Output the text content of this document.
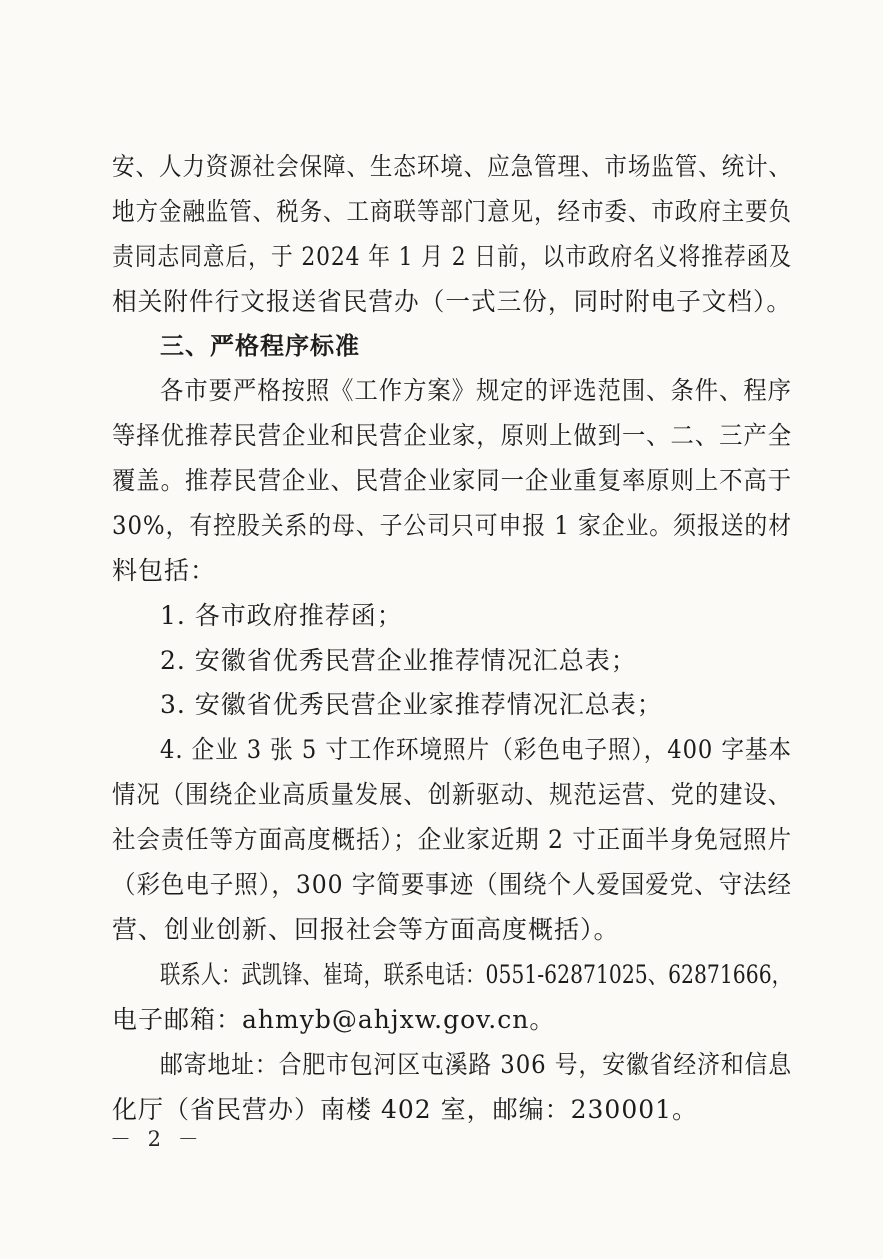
安、人力资源社会保障、生态环境、应急管理、市场监管、统计、
地方金融监管、税务、工商联等部门意见，经市委、市政府主要负
责同志同意后，于 2024 年 1 月 2 日前，以市政府名义将推荐函及
相关附件行文报送省民营办（一式三份，同时附电子文档）。
三、严格程序标准
各市要严格按照《工作方案》规定的评选范围、条件、程序
等择优推荐民营企业和民营企业家，原则上做到一、二、三产全
覆盖。推荐民营企业、民营企业家同一企业重复率原则上不高于
30%，有控股关系的母、子公司只可申报 1 家企业。须报送的材
料包括：
1. 各市政府推荐函；
2. 安徽省优秀民营企业推荐情况汇总表；
3. 安徽省优秀民营企业家推荐情况汇总表；
4. 企业 3 张 5 寸工作环境照片（彩色电子照），400 字基本
情况（围绕企业高质量发展、创新驱动、规范运营、党的建设、
社会责任等方面高度概括）；企业家近期 2 寸正面半身免冠照片
（彩色电子照），300 字简要事迹（围绕个人爱国爱党、守法经
营、创业创新、回报社会等方面高度概括）。
联系人：武凯锋、崔琦，联系电话：0551-62871025、62871666，
电子邮箱：ahmyb@ahjxw.gov.cn。
邮寄地址：合肥市包河区屯溪路 306 号，安徽省经济和信息
化厅（省民营办）南楼 402 室，邮编：230001。
－ 2 －
